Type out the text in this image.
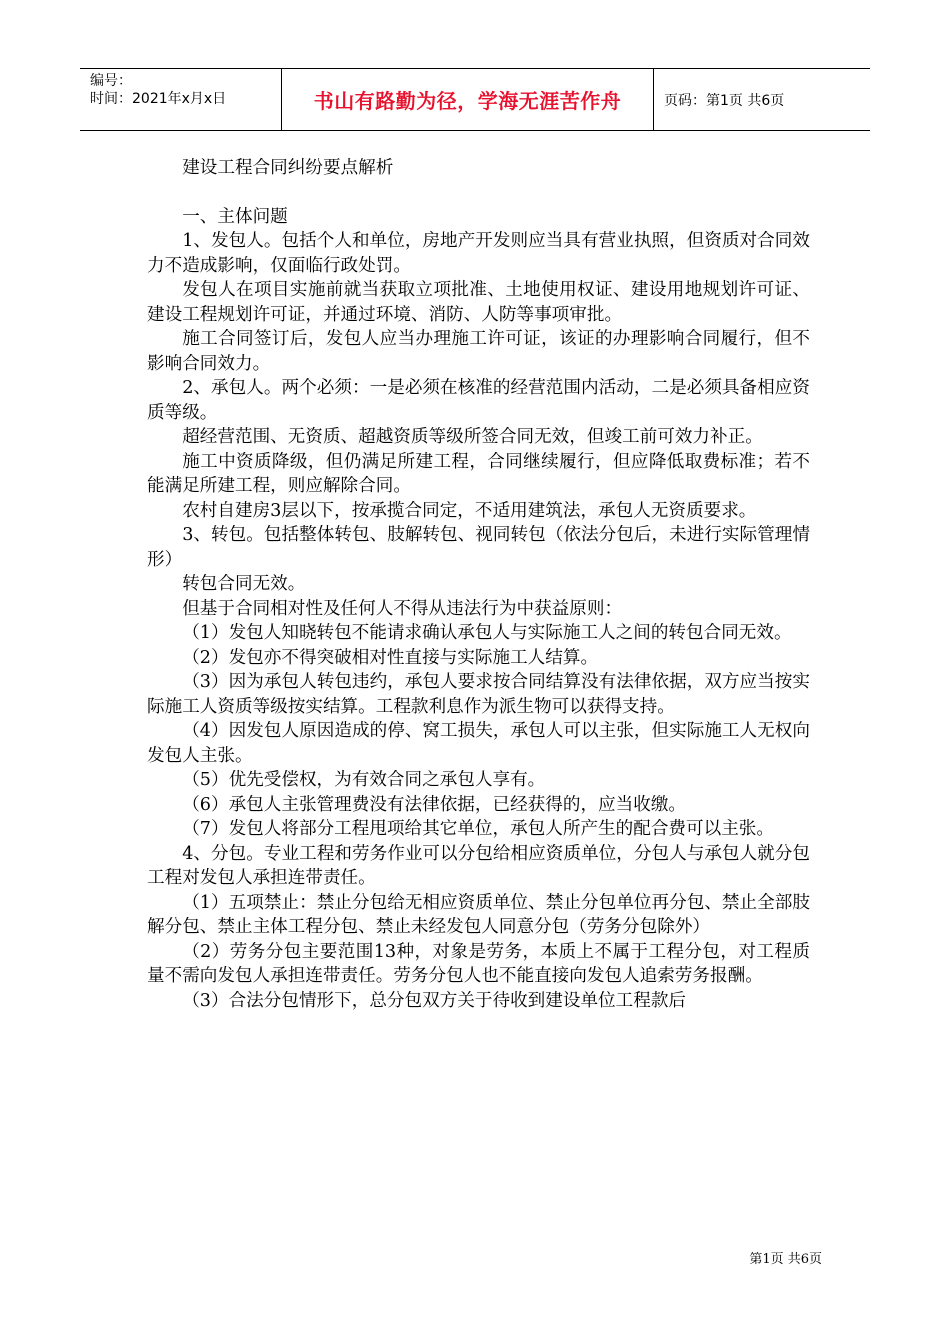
编号：
时间：2021年x月x日	书山有路勤为径，学海无涯苦作舟	页码：第1页 共6页

建设工程合同纠纷要点解析

一、主体问题

1、发包人。包括个人和单位，房地产开发则应当具有营业执照，但资质对合同效力不造成影响，仅面临行政处罚。

发包人在项目实施前就当获取立项批准、土地使用权证、建设用地规划许可证、建设工程规划许可证，并通过环境、消防、人防等事项审批。

施工合同签订后，发包人应当办理施工许可证，该证的办理影响合同履行，但不影响合同效力。

2、承包人。两个必须：一是必须在核准的经营范围内活动，二是必须具备相应资质等级。

超经营范围、无资质、超越资质等级所签合同无效，但竣工前可效力补正。

施工中资质降级，但仍满足所建工程，合同继续履行，但应降低取费标准；若不能满足所建工程，则应解除合同。

农村自建房3层以下，按承揽合同定，不适用建筑法，承包人无资质要求。

3、转包。包括整体转包、肢解转包、视同转包（依法分包后，未进行实际管理情形）

转包合同无效。

但基于合同相对性及任何人不得从违法行为中获益原则：

（1）发包人知晓转包不能请求确认承包人与实际施工人之间的转包合同无效。

（2）发包亦不得突破相对性直接与实际施工人结算。

（3）因为承包人转包违约，承包人要求按合同结算没有法律依据，双方应当按实际施工人资质等级按实结算。工程款利息作为派生物可以获得支持。

（4）因发包人原因造成的停、窝工损失，承包人可以主张，但实际施工人无权向发包人主张。

（5）优先受偿权，为有效合同之承包人享有。

（6）承包人主张管理费没有法律依据，已经获得的，应当收缴。

（7）发包人将部分工程甩项给其它单位，承包人所产生的配合费可以主张。

4、分包。专业工程和劳务作业可以分包给相应资质单位，分包人与承包人就分包工程对发包人承担连带责任。

（1）五项禁止：禁止分包给无相应资质单位、禁止分包单位再分包、禁止全部肢解分包、禁止主体工程分包、禁止未经发包人同意分包（劳务分包除外）

（2）劳务分包主要范围13种，对象是劳务，本质上不属于工程分包，对工程质量不需向发包人承担连带责任。劳务分包人也不能直接向发包人追索劳务报酬。

（3）合法分包情形下，总分包双方关于待收到建设单位工程款后

第1页 共6页
